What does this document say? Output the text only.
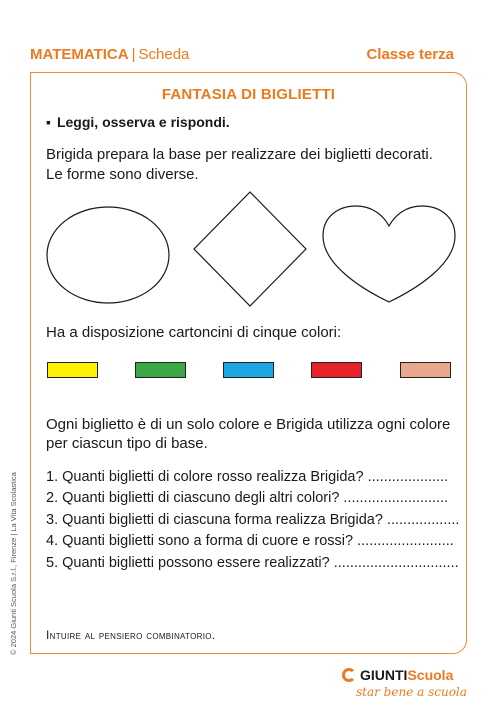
MATEMATICA | Scheda	Classe terza
FANTASIA DI BIGLIETTI
▪ Leggi, osserva e rispondi.
Brigida prepara la base per realizzare dei biglietti decorati.
Le forme sono diverse.
Ha a disposizione cartoncini di cinque colori:
Ogni biglietto è di un solo colore e Brigida utilizza ogni colore
per ciascun tipo di base.
1. Quanti biglietti di colore rosso realizza Brigida? ....................
2. Quanti biglietti di ciascuno degli altri colori? ..........................
3. Quanti biglietti di ciascuna forma realizza Brigida? ..................
4. Quanti biglietti sono a forma di cuore e rossi? ........................
5. Quanti biglietti possono essere realizzati? ...............................
Intuire al pensiero combinatorio.
© 2024 Giunti Scuola S.r.l., Firenze | La Vita Scolastica
GIUNTIScuola
star bene a scuola
